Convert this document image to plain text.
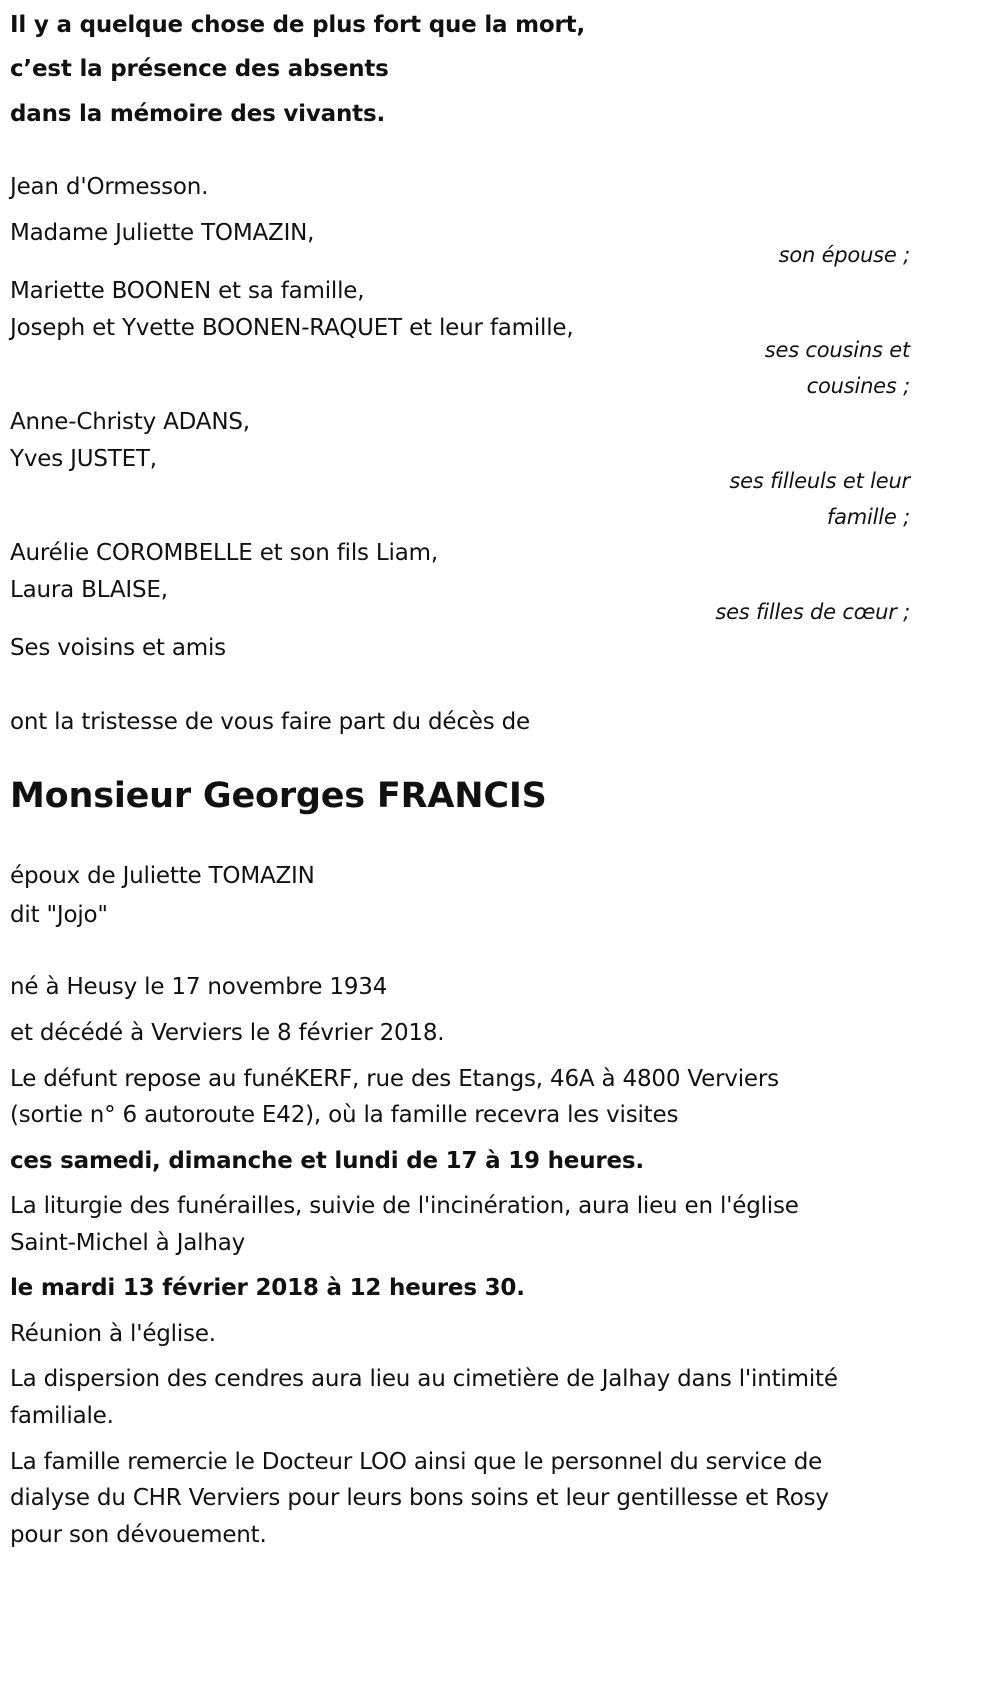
Il y a quelque chose de plus fort que la mort,
c’est la présence des absents
dans la mémoire des vivants.
Jean d'Ormesson.
Madame Juliette TOMAZIN,
son épouse ;
Mariette BOONEN et sa famille,
Joseph et Yvette BOONEN-RAQUET et leur famille,
ses cousins et
cousines ;
Anne-Christy ADANS,
Yves JUSTET,
ses filleuls et leur
famille ;
Aurélie COROMBELLE et son fils Liam,
Laura BLAISE,
ses filles de cœur ;
Ses voisins et amis
ont la tristesse de vous faire part du décès de
Monsieur Georges FRANCIS
époux de Juliette TOMAZIN
dit "Jojo"
né à Heusy le 17 novembre 1934
et décédé à Verviers le 8 février 2018.
Le défunt repose au funéKERF, rue des Etangs, 46A à 4800 Verviers
(sortie n° 6 autoroute E42), où la famille recevra les visites
ces samedi, dimanche et lundi de 17 à 19 heures.
La liturgie des funérailles, suivie de l'incinération, aura lieu en l'église
Saint-Michel à Jalhay
le mardi 13 février 2018 à 12 heures 30.
Réunion à l'église.
La dispersion des cendres aura lieu au cimetière de Jalhay dans l'intimité
familiale.
La famille remercie le Docteur LOO ainsi que le personnel du service de
dialyse du CHR Verviers pour leurs bons soins et leur gentillesse et Rosy
pour son dévouement.
